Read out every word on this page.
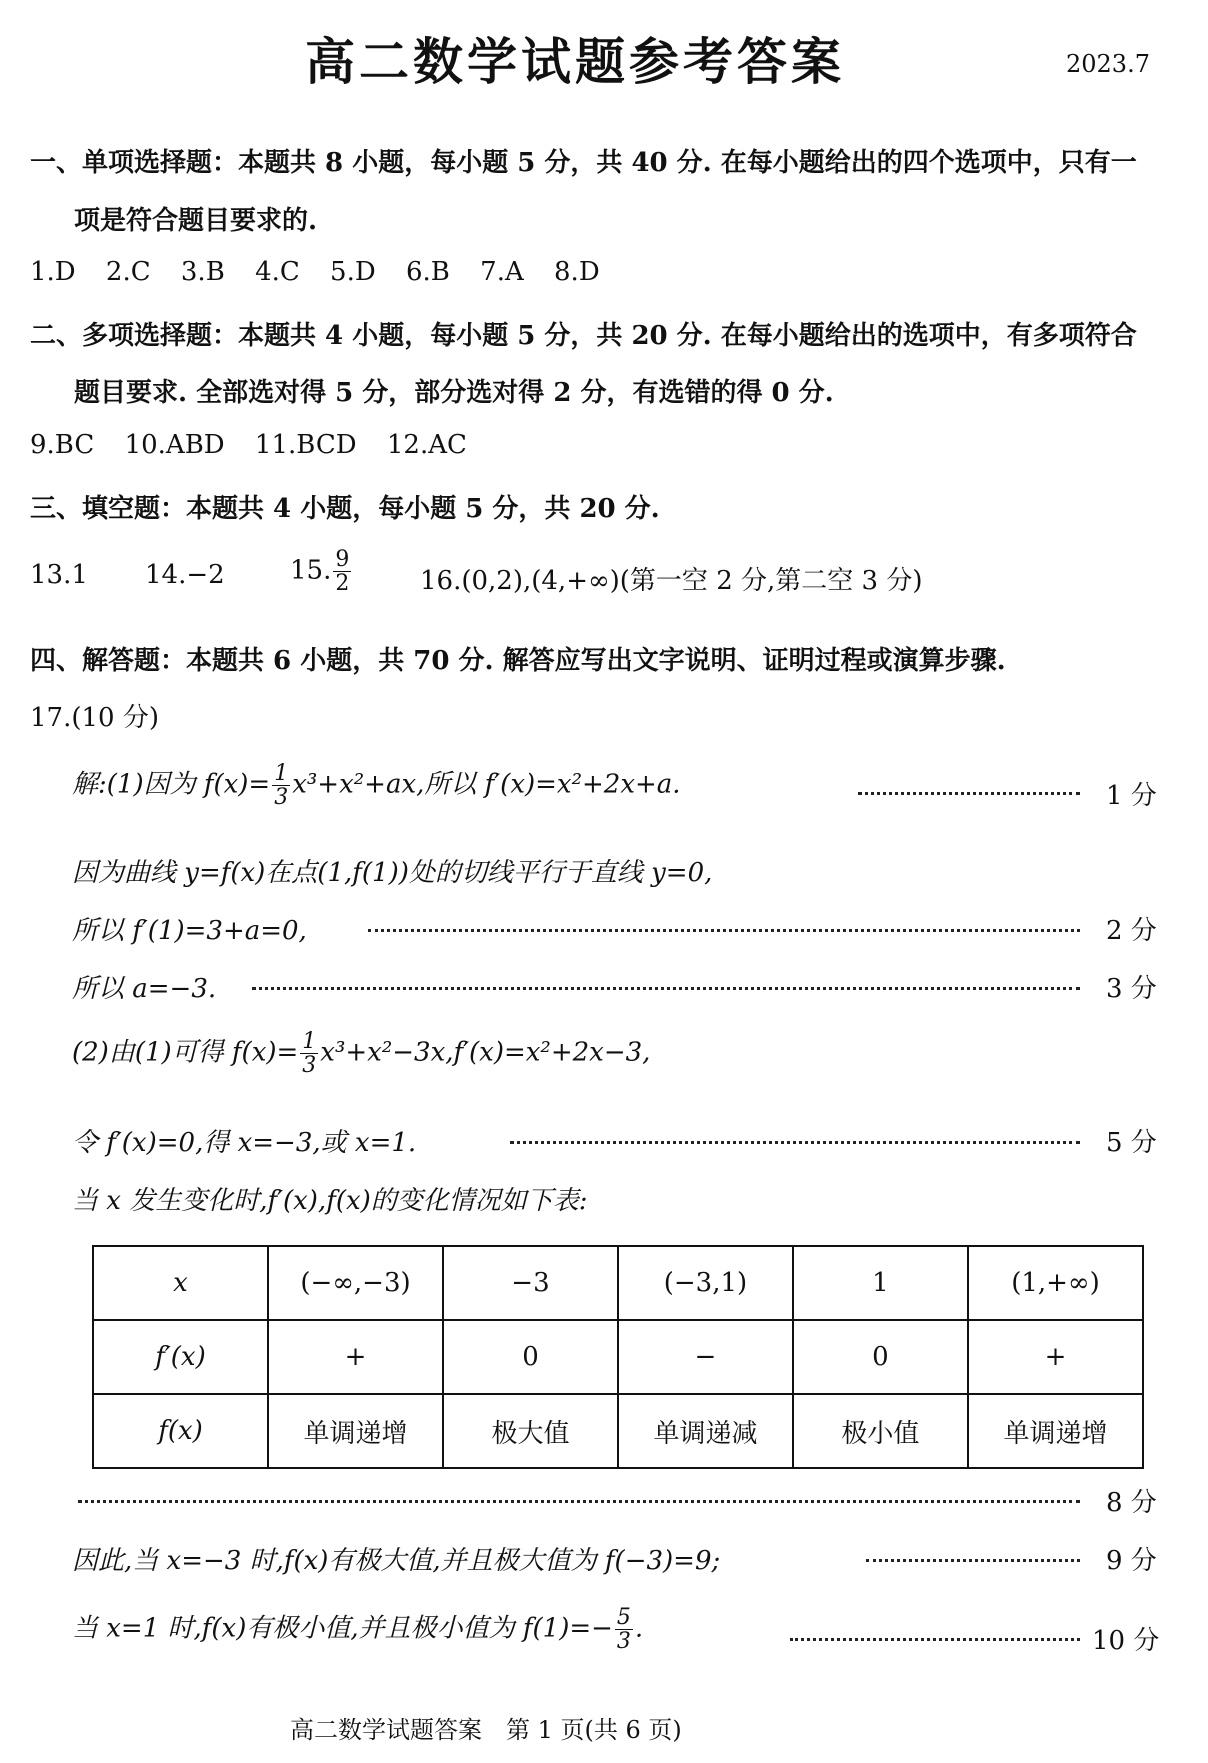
高二数学试题参考答案	2023.7
一、单项选择题：本题共 8 小题，每小题 5 分，共 40 分. 在每小题给出的四个选项中，只有一
项是符合题目要求的.
1.D 2.C 3.B 4.C 5.D 6.B 7.A 8.D
二、多项选择题：本题共 4 小题，每小题 5 分，共 20 分. 在每小题给出的选项中，有多项符合
题目要求. 全部选对得 5 分，部分选对得 2 分，有选错的得 0 分.
9.BC 10.ABD 11.BCD 12.AC
三、填空题：本题共 4 小题，每小题 5 分，共 20 分.
13.1 14.−2	15. $\frac{9}{2}$	16.(0,2),(4,+∞)(第一空 2 分,第二空 3 分)
四、解答题：本题共 6 小题，共 70 分. 解答应写出文字说明、证明过程或演算步骤.
17.(10 分)
解:(1)因为 $f(x)= \frac{1}{3} x^3+x^2+ax$,所以 f′(x)=x²+2x+a.	1 分
因为曲线 y=f(x)在点(1,f(1))处的切线平行于直线 y=0,
所以 f′(1)=3+a=0,	2 分
所以 a=−3.	3 分
(2)由(1)可得 $f(x)= \frac{1}{3} x^3+x^2-3x,f'(x)=x^2+2x-3$,
令 f′(x)=0,得 x=−3,或 x=1.	5 分
当 x 发生变化时,f′(x),f(x)的变化情况如下表:
x	(−∞,−3)	−3	(−3,1)	1	(1,+∞)
f′(x)	+	0	−	0	+
f(x)	单调递增	极大值	单调递减	极小值	单调递增
8 分
因此,当 x=−3 时,f(x)有极大值,并且极大值为 f(−3)=9;	9 分
当 x=1 时,f(x)有极小值,并且极小值为 $f(1)=- \frac{5}{3}$ .	10 分
高二数学试题答案　第 1 页(共 6 页)
